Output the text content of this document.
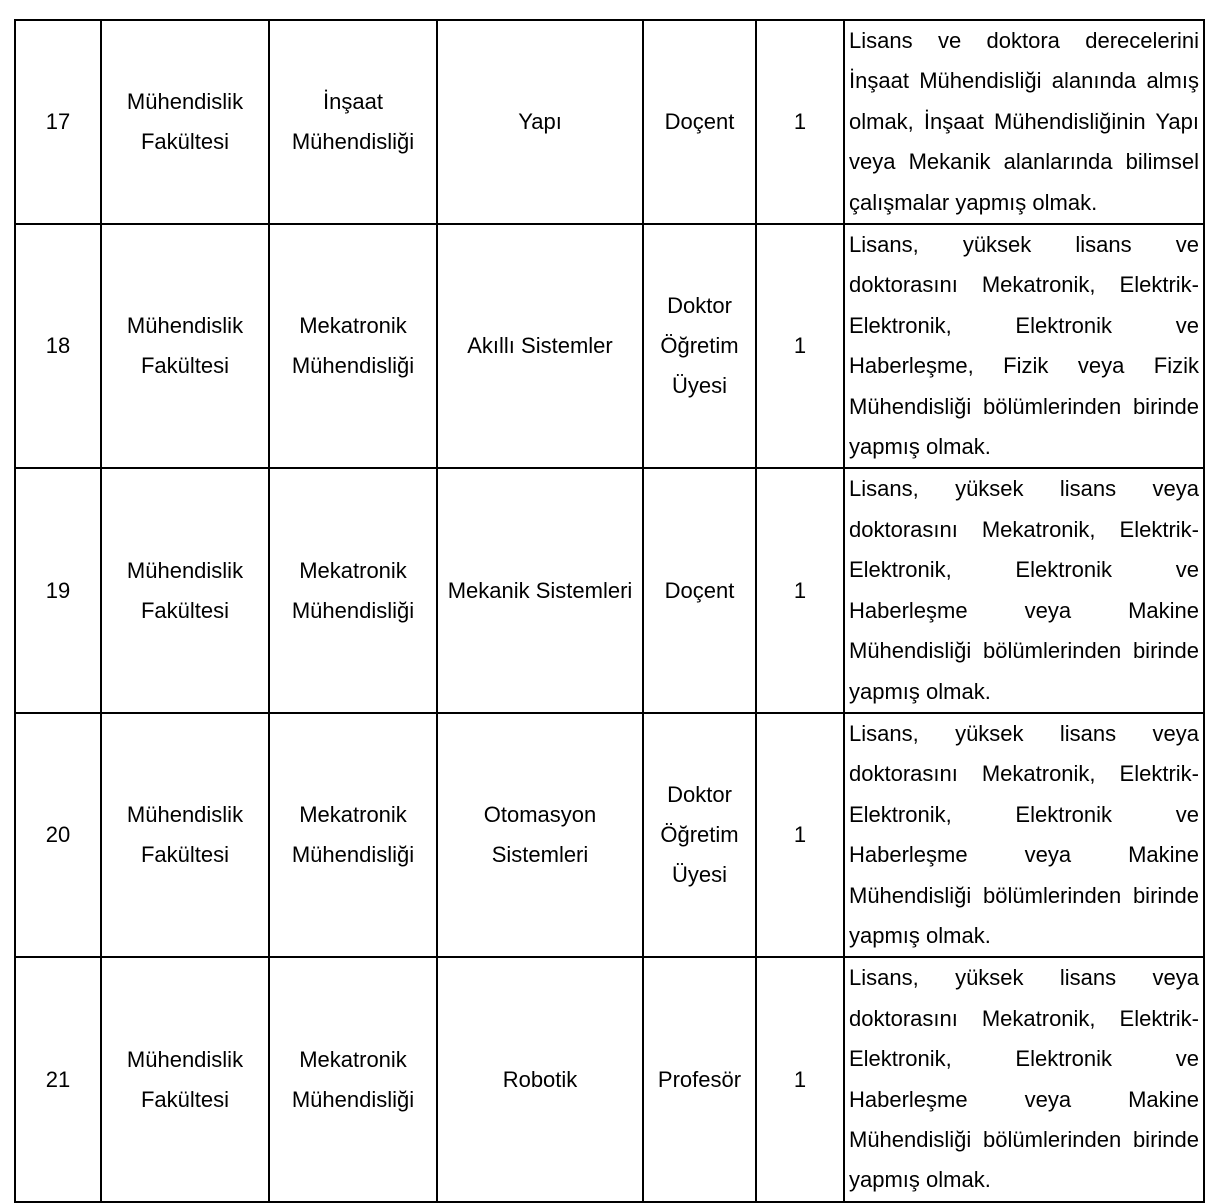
17	Mühendislik Fakültesi	İnşaat Mühendisliği	Yapı	Doçent	1	Lisans ve doktora derecelerini İnşaat Mühendisliği alanında almış olmak, İnşaat Mühendisliğinin Yapı veya Mekanik alanlarında bilimsel çalışmalar yapmış olmak.
18	Mühendislik Fakültesi	Mekatronik Mühendisliği	Akıllı Sistemler	Doktor Öğretim Üyesi	1	Lisans, yüksek lisans ve doktorasını Mekatronik, Elektrik-Elektronik, Elektronik ve Haberleşme, Fizik veya Fizik Mühendisliği bölümlerinden birinde yapmış olmak.
19	Mühendislik Fakültesi	Mekatronik Mühendisliği	Mekanik Sistemleri	Doçent	1	Lisans, yüksek lisans veya doktorasını Mekatronik, Elektrik-Elektronik, Elektronik ve Haberleşme veya Makine Mühendisliği bölümlerinden birinde yapmış olmak.
20	Mühendislik Fakültesi	Mekatronik Mühendisliği	Otomasyon Sistemleri	Doktor Öğretim Üyesi	1	Lisans, yüksek lisans veya doktorasını Mekatronik, Elektrik-Elektronik, Elektronik ve Haberleşme veya Makine Mühendisliği bölümlerinden birinde yapmış olmak.
21	Mühendislik Fakültesi	Mekatronik Mühendisliği	Robotik	Profesör	1	Lisans, yüksek lisans veya doktorasını Mekatronik, Elektrik-Elektronik, Elektronik ve Haberleşme veya Makine Mühendisliği bölümlerinden birinde yapmış olmak.
